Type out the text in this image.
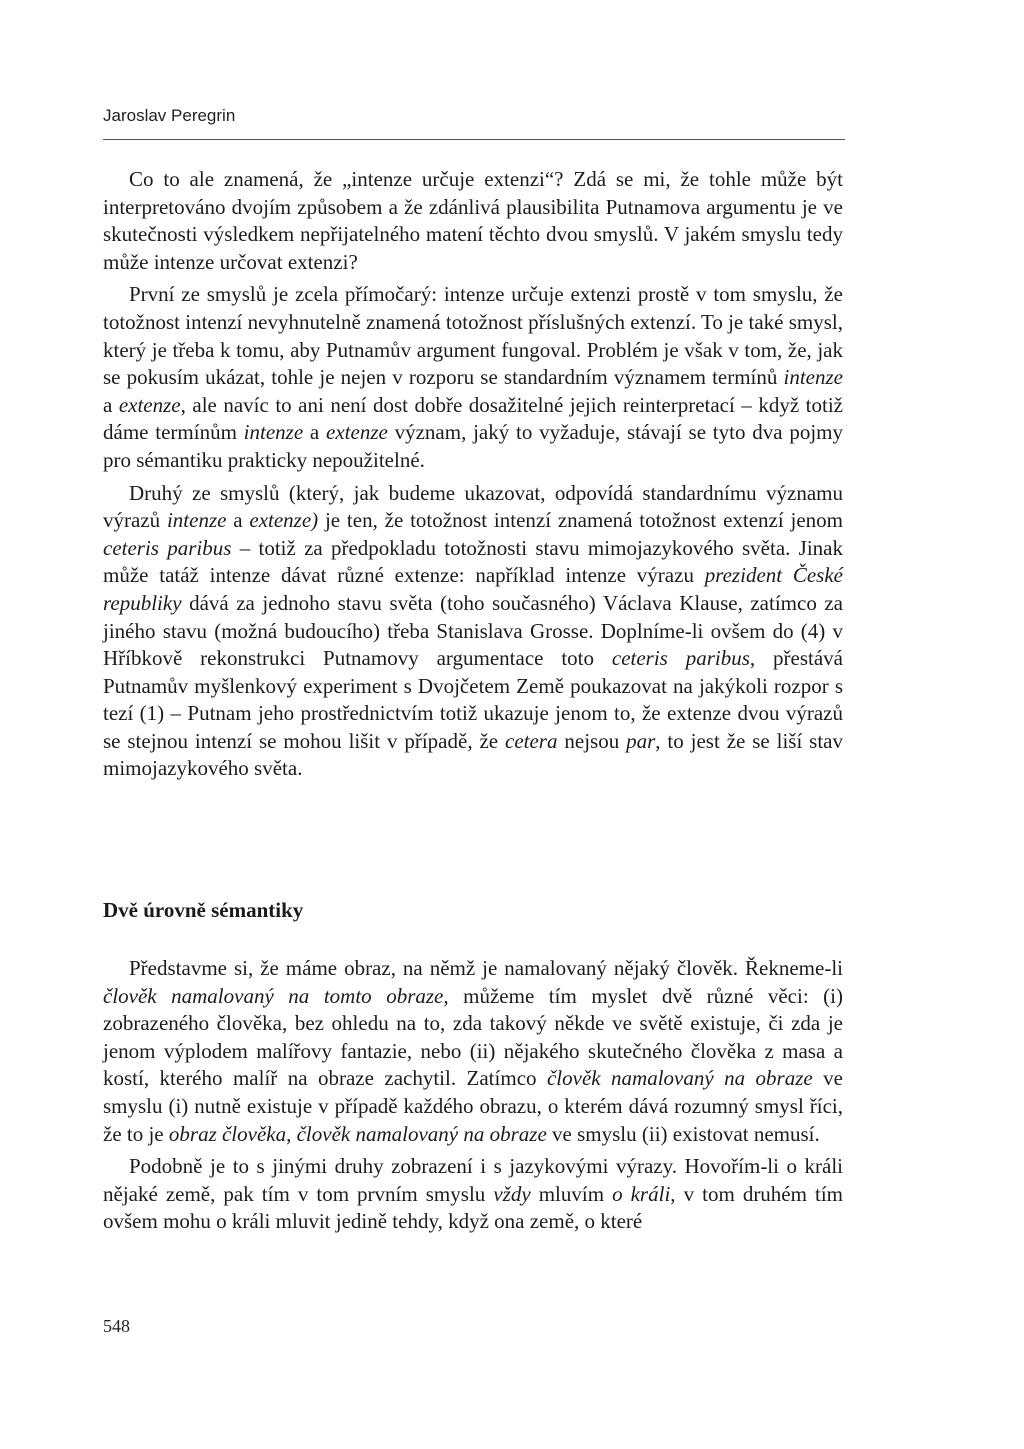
Jaroslav Peregrin

Co to ale znamená, že „intenze určuje extenzi“? Zdá se mi, že tohle může být interpretováno dvojím způsobem a že zdánlivá plausibilita Putnamova argumentu je ve skutečnosti výsledkem nepřijatelného matení těchto dvou smyslů. V jakém smyslu tedy může intenze určovat extenzi?

První ze smyslů je zcela přímočarý: intenze určuje extenzi prostě v tom smyslu, že totožnost intenzí nevyhnutelně znamená totožnost příslušných extenzí. To je také smysl, který je třeba k tomu, aby Putnamův argument fungoval. Problém je však v tom, že, jak se pokusím ukázat, tohle je nejen v rozporu se standardním významem termínů intenze a extenze, ale navíc to ani není dost dobře dosažitelné jejich reinterpretací – když totiž dáme termínům intenze a extenze význam, jaký to vyžaduje, stávají se tyto dva pojmy pro sémantiku prakticky nepoužitelné.

Druhý ze smyslů (který, jak budeme ukazovat, odpovídá standardnímu významu výrazů intenze a extenze) je ten, že totožnost intenzí znamená totožnost extenzí jenom ceteris paribus – totiž za předpokladu totožnosti stavu mimojazykového světa. Jinak může tatáž intenze dávat různé extenze: například intenze výrazu prezident České republiky dává za jednoho stavu světa (toho současného) Václava Klause, zatímco za jiného stavu (možná budoucího) třeba Stanislava Grosse. Doplníme-li ovšem do (4) v Hříbkově rekonstrukci Putnamovy argumentace toto ceteris paribus, přestává Putnamův myšlenkový experiment s Dvojčetem Země poukazovat na jakýkoli rozpor s tezí (1) – Putnam jeho prostřednictvím totiž ukazuje jenom to, že extenze dvou výrazů se stejnou intenzí se mohou lišit v případě, že cetera nejsou par, to jest že se liší stav mimojazykového světa.

Dvě úrovně sémantiky

Představme si, že máme obraz, na němž je namalovaný nějaký člověk. Řekneme-li člověk namalovaný na tomto obraze, můžeme tím myslet dvě různé věci: (i) zobrazeného člověka, bez ohledu na to, zda takový někde ve světě existuje, či zda je jenom výplodem malířovy fantazie, nebo (ii) nějakého skutečného člověka z masa a kostí, kterého malíř na obraze zachytil. Zatímco člověk namalovaný na obraze ve smyslu (i) nutně existuje v případě každého obrazu, o kterém dává rozumný smysl říci, že to je obraz člověka, člověk namalovaný na obraze ve smyslu (ii) existovat nemusí.

Podobně je to s jinými druhy zobrazení i s jazykovými výrazy. Hovořím-li o králi nějaké země, pak tím v tom prvním smyslu vždy mluvím o králi, v tom druhém tím ovšem mohu o králi mluvit jedině tehdy, když ona země, o které

548
